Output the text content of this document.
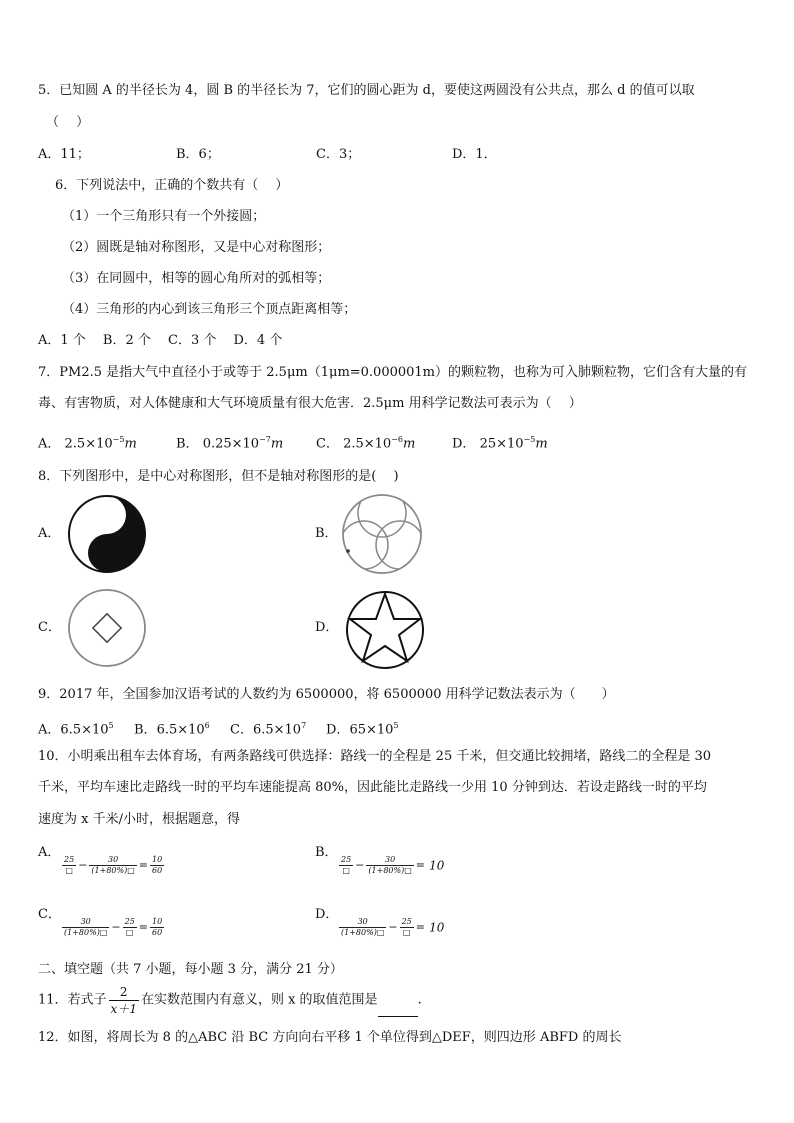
5．已知圆 A 的半径长为 4，圆 B 的半径长为 7，它们的圆心距为 d，要使这两圆没有公共点，那么 d 的值可以取
（　 ）
A．11；	B．6；	C．3；	D．1．
6．下列说法中，正确的个数共有（　 ）
（1）一个三角形只有一个外接圆；
（2）圆既是轴对称图形，又是中心对称图形；
（3）在同圆中，相等的圆心角所对的弧相等；
（4）三角形的内心到该三角形三个顶点距离相等；
A．1 个　 B．2 个　 C．3 个　 D．4 个
7．PM2.5 是指大气中直径小于或等于 2.5μm（1μm=0.000001m）的颗粒物，也称为可入肺颗粒物，它们含有大量的有
毒、有害物质，对人体健康和大气环境质量有很大危害．2.5μm 用科学记数法可表示为（　 ）
A． $2.5\times 10^{-5}m$	B． $0.25\times 10^{-7}m$	C． $2.5\times 10^{-6}m$	D． $25\times 10^{-5}m$
8．下列图形中，是中心对称图形，但不是轴对称图形的是(　 )
A．	B．
C．	D．
9．2017 年，全国参加汉语考试的人数约为 6500000，将 6500000 用科学记数法表示为（　　）
A．$6.5\times 10^5$ B．$6.5\times 10^6$ C．$6.5\times 10^7$ D．$65\times 10^5$
10．小明乘出租车去体育场，有两条路线可供选择：路线一的全程是 25 千米，但交通比较拥堵，路线二的全程是 30
千米，平均车速比走路线一时的平均车速能提高 80%，因此能比走路线一少用 10 分钟到达．若设走路线一时的平均
速度为 x 千米/小时，根据题意，得
A．
$\frac{25}{□} - \frac{30}{(1+80\%)□} = \frac{10}{60}$
B．
$\frac{25}{□} - \frac{30}{(1+80\%)□} = 10$
C．
$\frac{30}{(1+80\%)□} - \frac{25}{□} = \frac{10}{60}$
D．
$\frac{30}{(1+80\%)□} - \frac{25}{□} = 10$
二、填空题（共 7 小题，每小题 3 分，满分 21 分）
11．若式子 $\frac{2}{x+1}$ 在实数范围内有意义，则 x 的取值范围是	.
12．如图，将周长为 8 的△ABC 沿 BC 方向向右平移 1 个单位得到△DEF，则四边形 ABFD 的周长
